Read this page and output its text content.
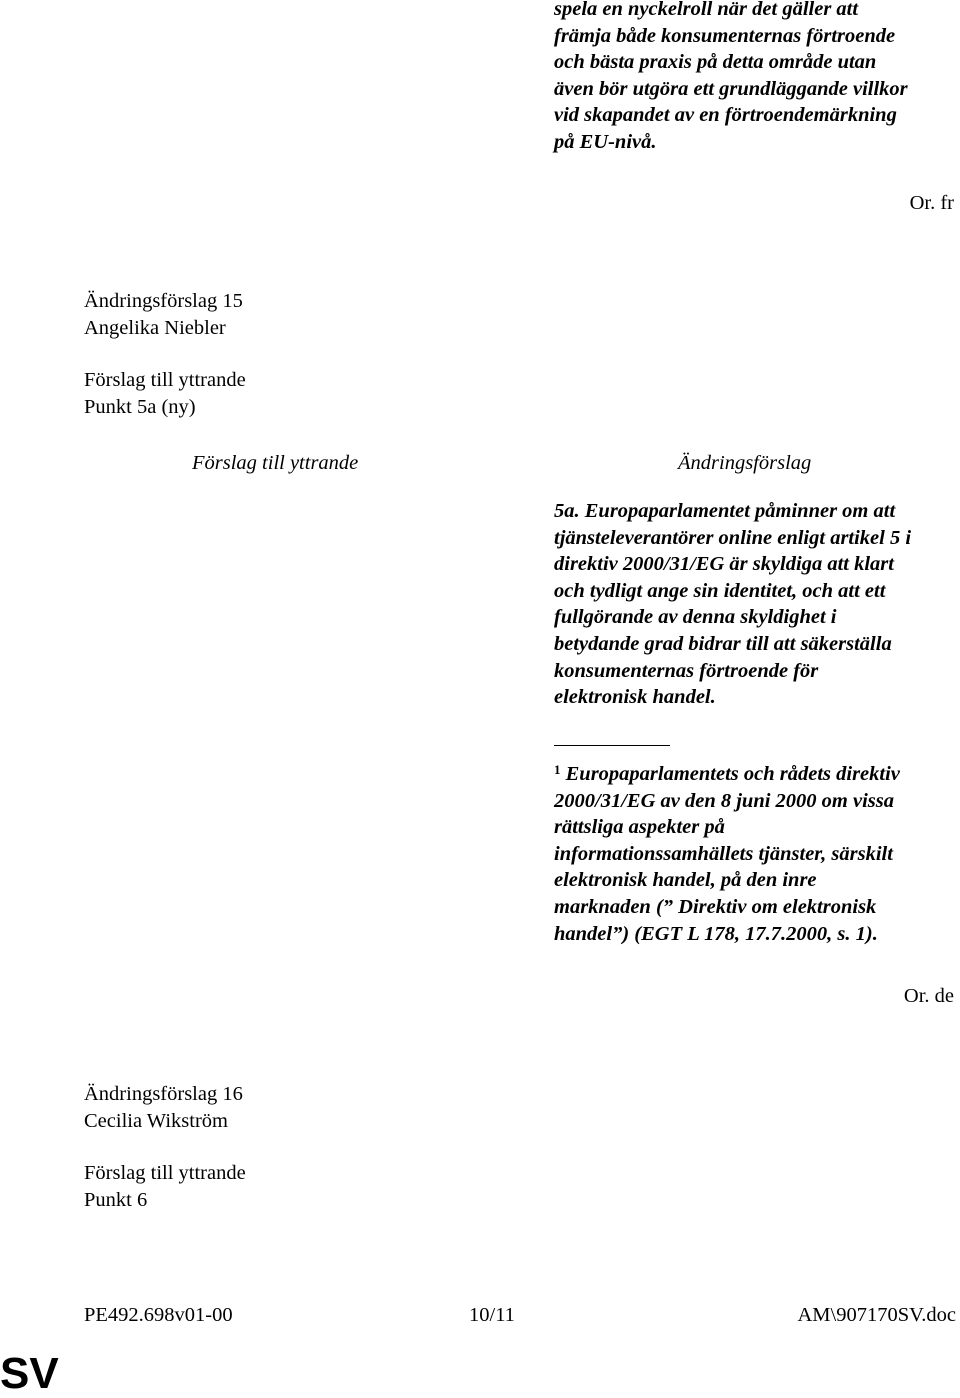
spela en nyckelroll när det gäller att

främja både konsumenternas förtroende

och bästa praxis på detta område utan

även bör utgöra ett grundläggande villkor

vid skapandet av en förtroendemärkning

på EU-nivå.

Or. fr
Ändringsförslag 15
Angelika Niebler
Förslag till yttrande
Punkt 5a (ny)
Förslag till yttrande	Ändringsförslag

5a. Europaparlamentet påminner om att

tjänsteleverantörer online enligt artikel 5 i

direktiv 2000/31/EG är skyldiga att klart

och tydligt ange sin identitet, och att ett

fullgörande av denna skyldighet i

betydande grad bidrar till att säkerställa

konsumenternas förtroende för

elektronisk handel.

$^1$ Europaparlamentets och rådets direktiv
2000/31/EG av den 8 juni 2000 om vissa
rättsliga aspekter på
informationssamhällets tjänster, särskilt
elektronisk handel, på den inre
marknaden (” Direktiv om elektronisk
handel”) (EGT L 178, 17.7.2000, s. 1).
Or. de
Ändringsförslag 16
Cecilia Wikström
Förslag till yttrande
Punkt 6
PE492.698v01-00	10/11	AM\907170SV.doc
SV
